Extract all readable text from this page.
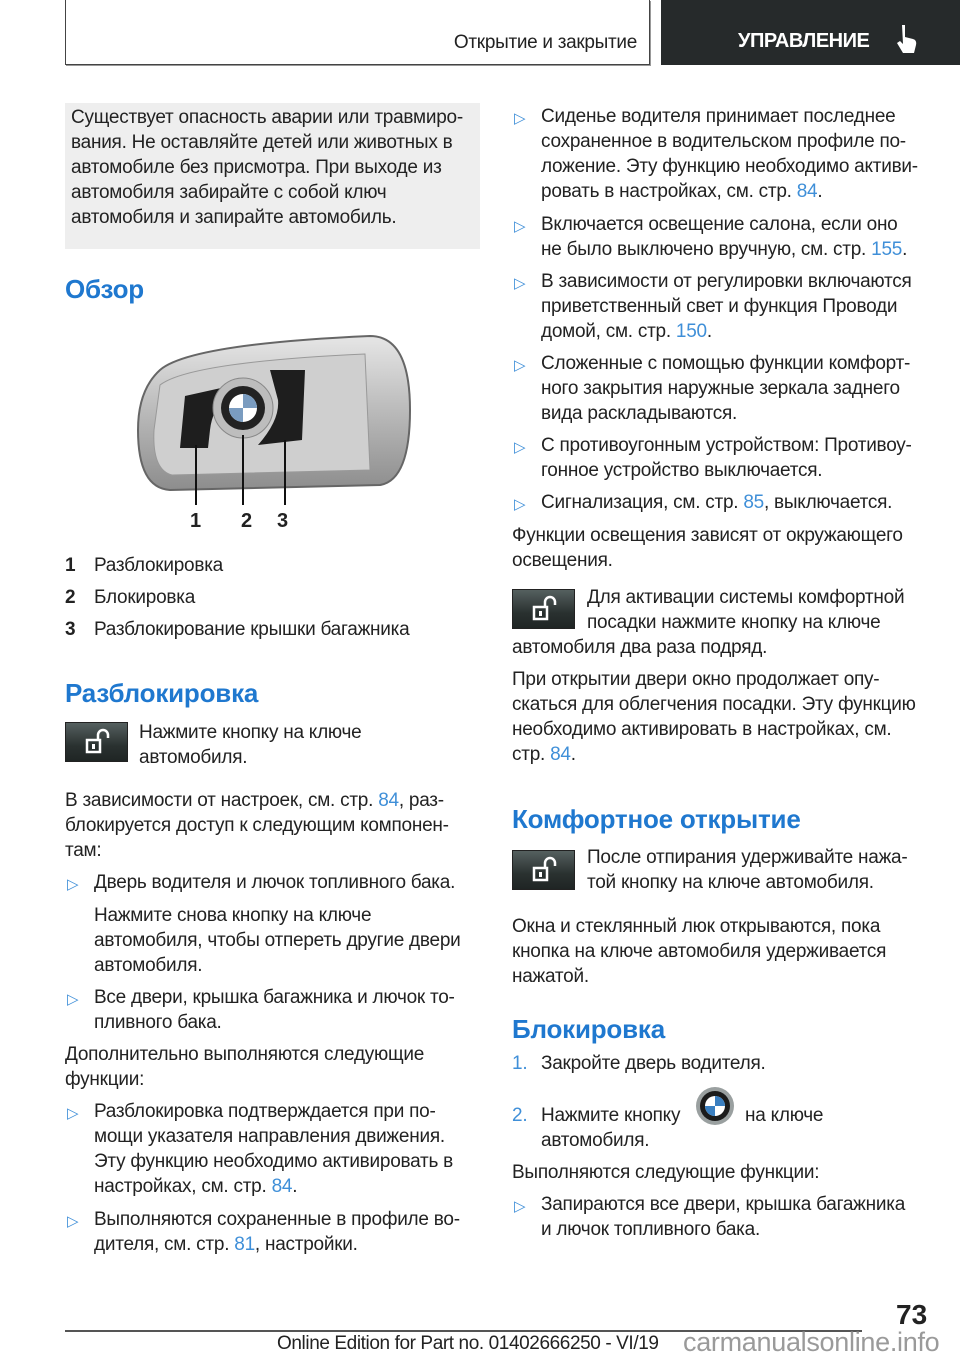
Открытие и закрытие	УПРАВЛЕНИЕ
Обзор
1 2 3
Разблокировка
Комфортное открытие
Блокировка
Существует опасность аварии или травмиро-
вания. Не оставляйте детей или животных в
автомобиле без присмотра. При выходе из
автомобиля забирайте с собой ключ
автомобиля и запирайте автомобиль.
1 Разблокировка
2 Блокировка
3 Разблокирование крышки багажника
Нажмите кнопку на ключе
автомобиля.
В зависимости от настроек, см. стр. 84, раз-
блокируется доступ к следующим компонен-
там:
▷ Дверь водителя и лючок топливного бака.
Нажмите снова кнопку на ключе
автомобиля, чтобы отпереть другие двери
автомобиля.
▷ Все двери, крышка багажника и лючок то-
пливного бака.
Дополнительно выполняются следующие
функции:
▷ Разблокировка подтверждается при по-
мощи указателя направления движения.
Эту функцию необходимо активировать в
настройках, см. стр. 84.
▷ Выполняются сохраненные в профиле во-
дителя, см. стр. 81, настройки.
▷ Сиденье водителя принимает последнее
сохраненное в водительском профиле по-
ложение. Эту функцию необходимо активи-
ровать в настройках, см. стр. 84.
▷ Включается освещение салона, если оно
не было выключено вручную, см. стр. 155.
▷ В зависимости от регулировки включаются
приветственный свет и функция Проводи
домой, см. стр. 150.
▷ Сложенные с помощью функции комфорт-
ного закрытия наружные зеркала заднего
вида раскладываются.
▷ С противоугонным устройством: Противоу-
гонное устройство выключается.
▷ Сигнализация, см. стр. 85, выключается.
Функции освещения зависят от окружающего
освещения.
Для активации системы комфортной
посадки нажмите кнопку на ключе
автомобиля два раза подряд.
При открытии двери окно продолжает опу-
скаться для облегчения посадки. Эту функцию
необходимо активировать в настройках, см.
стр. 84.
После отпирания удерживайте нажа-
той кнопку на ключе автомобиля.
Окна и стеклянный люк открываются, пока
кнопка на ключе автомобиля удерживается
нажатой.
1. Закройте дверь водителя.
2. Нажмите кнопку	на ключе
автомобиля.
Выполняются следующие функции:
▷ Запираются все двери, крышка багажника
и лючок топливного бака.
73
Online Edition for Part no. 01402666250 - VI/19 carmanualsonline.info
